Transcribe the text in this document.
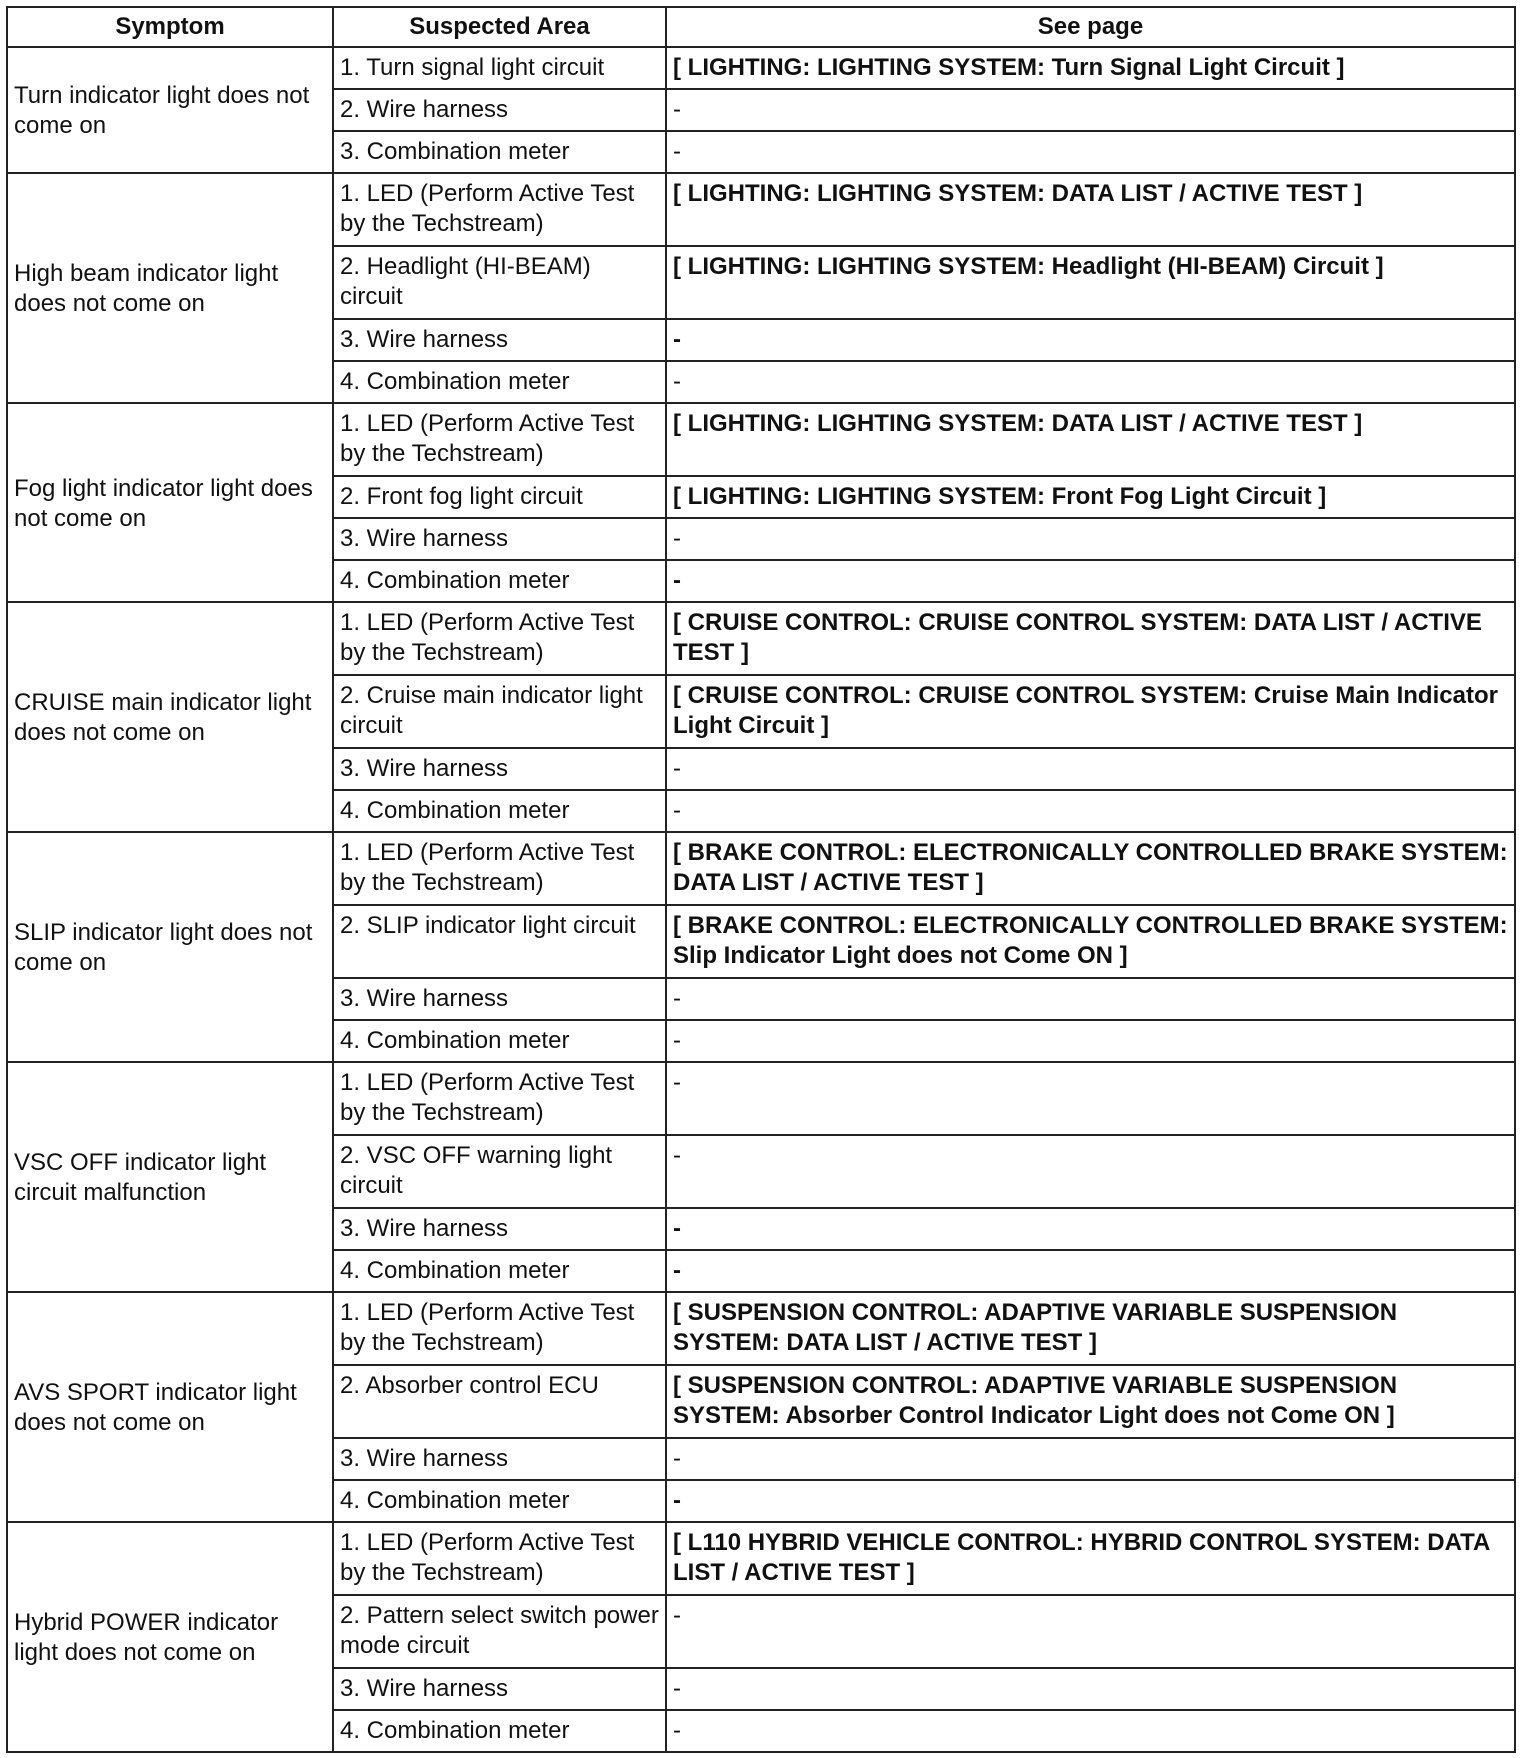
Symptom	Suspected Area	See page
Turn indicator light does not come on	1. Turn signal light circuit	[ LIGHTING: LIGHTING SYSTEM: Turn Signal Light Circuit ]
	2. Wire harness	-
	3. Combination meter	-
High beam indicator light does not come on	1. LED (Perform Active Test by the Techstream)	[ LIGHTING: LIGHTING SYSTEM: DATA LIST / ACTIVE TEST ]
	2. Headlight (HI-BEAM) circuit	[ LIGHTING: LIGHTING SYSTEM: Headlight (HI-BEAM) Circuit ]
	3. Wire harness	-
	4. Combination meter	-
Fog light indicator light does not come on	1. LED (Perform Active Test by the Techstream)	[ LIGHTING: LIGHTING SYSTEM: DATA LIST / ACTIVE TEST ]
	2. Front fog light circuit	[ LIGHTING: LIGHTING SYSTEM: Front Fog Light Circuit ]
	3. Wire harness	-
	4. Combination meter	-
CRUISE main indicator light does not come on	1. LED (Perform Active Test by the Techstream)	[ CRUISE CONTROL: CRUISE CONTROL SYSTEM: DATA LIST / ACTIVE TEST ]
	2. Cruise main indicator light circuit	[ CRUISE CONTROL: CRUISE CONTROL SYSTEM: Cruise Main Indicator Light Circuit ]
	3. Wire harness	-
	4. Combination meter	-
SLIP indicator light does not come on	1. LED (Perform Active Test by the Techstream)	[ BRAKE CONTROL: ELECTRONICALLY CONTROLLED BRAKE SYSTEM: DATA LIST / ACTIVE TEST ]
	2. SLIP indicator light circuit	[ BRAKE CONTROL: ELECTRONICALLY CONTROLLED BRAKE SYSTEM: Slip Indicator Light does not Come ON ]
	3. Wire harness	-
	4. Combination meter	-
VSC OFF indicator light circuit malfunction	1. LED (Perform Active Test by the Techstream)	-
	2. VSC OFF warning light circuit	-
	3. Wire harness	-
	4. Combination meter	-
AVS SPORT indicator light does not come on	1. LED (Perform Active Test by the Techstream)	[ SUSPENSION CONTROL: ADAPTIVE VARIABLE SUSPENSION SYSTEM: DATA LIST / ACTIVE TEST ]
	2. Absorber control ECU	[ SUSPENSION CONTROL: ADAPTIVE VARIABLE SUSPENSION SYSTEM: Absorber Control Indicator Light does not Come ON ]
	3. Wire harness	-
	4. Combination meter	-
Hybrid POWER indicator light does not come on	1. LED (Perform Active Test by the Techstream)	[ L110 HYBRID VEHICLE CONTROL: HYBRID CONTROL SYSTEM: DATA LIST / ACTIVE TEST ]
	2. Pattern select switch power mode circuit	-
	3. Wire harness	-
	4. Combination meter	-
